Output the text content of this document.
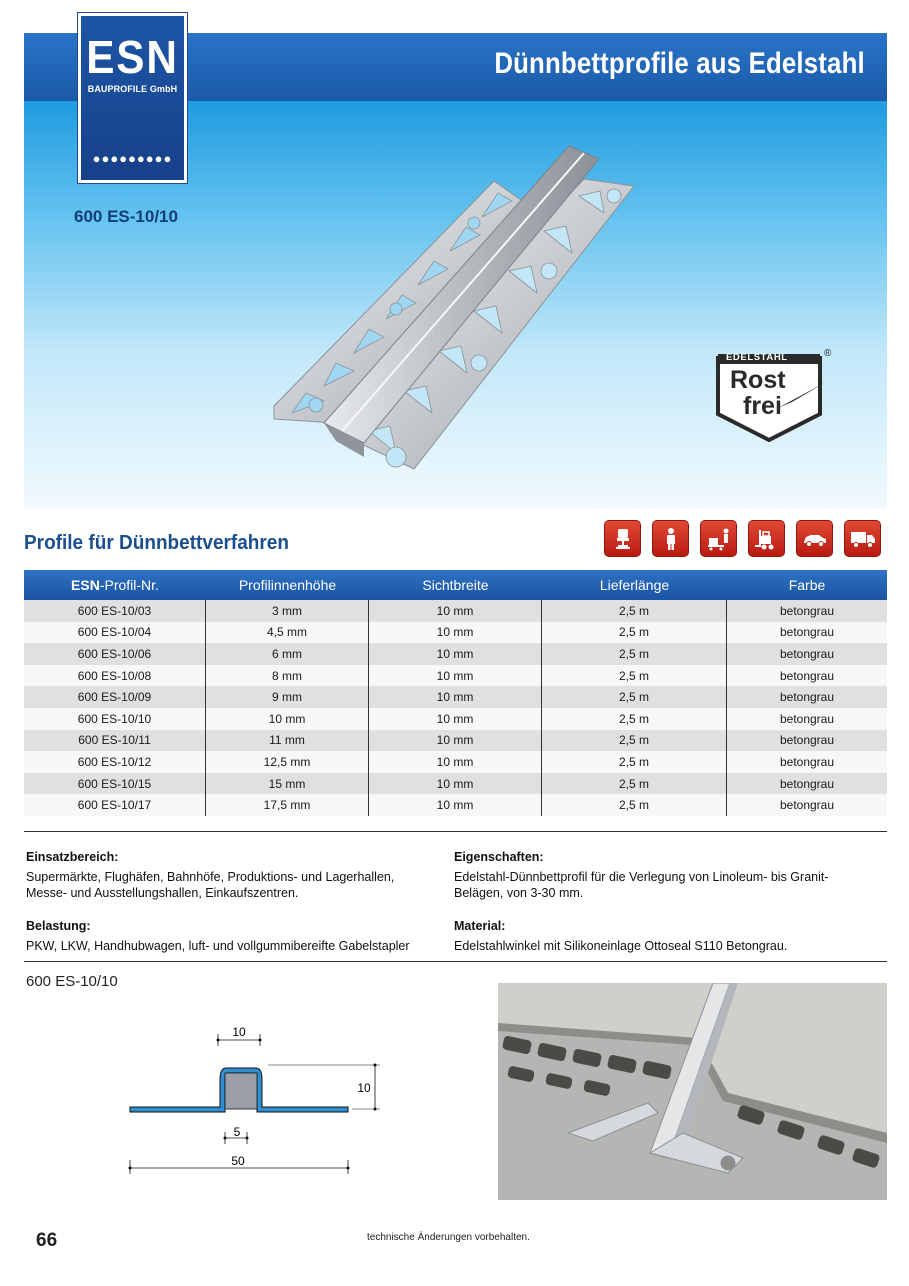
Dünnbettprofile aus Edelstahl
600 ES-10/10
EDELSTAHL	®
Rost
frei
ESN
BAUPROFILE GmbH
●●●●●●●●●
Profile für Dünnbettverfahren
ESN -Profil-Nr.	Profilinnenhöhe	Sichtbreite	Lieferlänge	Farbe
600 ES-10/03	3 mm	10 mm	2,5 m	betongrau
600 ES-10/04	4,5 mm	10 mm	2,5 m	betongrau
600 ES-10/06	6 mm	10 mm	2,5 m	betongrau
600 ES-10/08	8 mm	10 mm	2,5 m	betongrau
600 ES-10/09	9 mm	10 mm	2,5 m	betongrau
600 ES-10/10	10 mm	10 mm	2,5 m	betongrau
600 ES-10/11	11 mm	10 mm	2,5 m	betongrau
600 ES-10/12	12,5 mm	10 mm	2,5 m	betongrau
600 ES-10/15	15 mm	10 mm	2,5 m	betongrau
600 ES-10/17	17,5 mm	10 mm	2,5 m	betongrau
Einsatzbereich:
Supermärkte, Flughäfen, Bahnhöfe, Produktions- und Lagerhallen, Messe- und Ausstellungshallen, Einkaufszentren.
Eigenschaften:
Edelstahl-Dünnbettprofil für die Verlegung von Linoleum- bis Granit-Belägen, von 3-30 mm.
Belastung:
PKW, LKW, Handhubwagen, luft- und vollgummibereifte Gabelstapler
Material:
Edelstahlwinkel mit Silikoneinlage Ottoseal S110 Betongrau.
600 ES-10/10
10
10
5
50
66	technische Änderungen vorbehalten.
